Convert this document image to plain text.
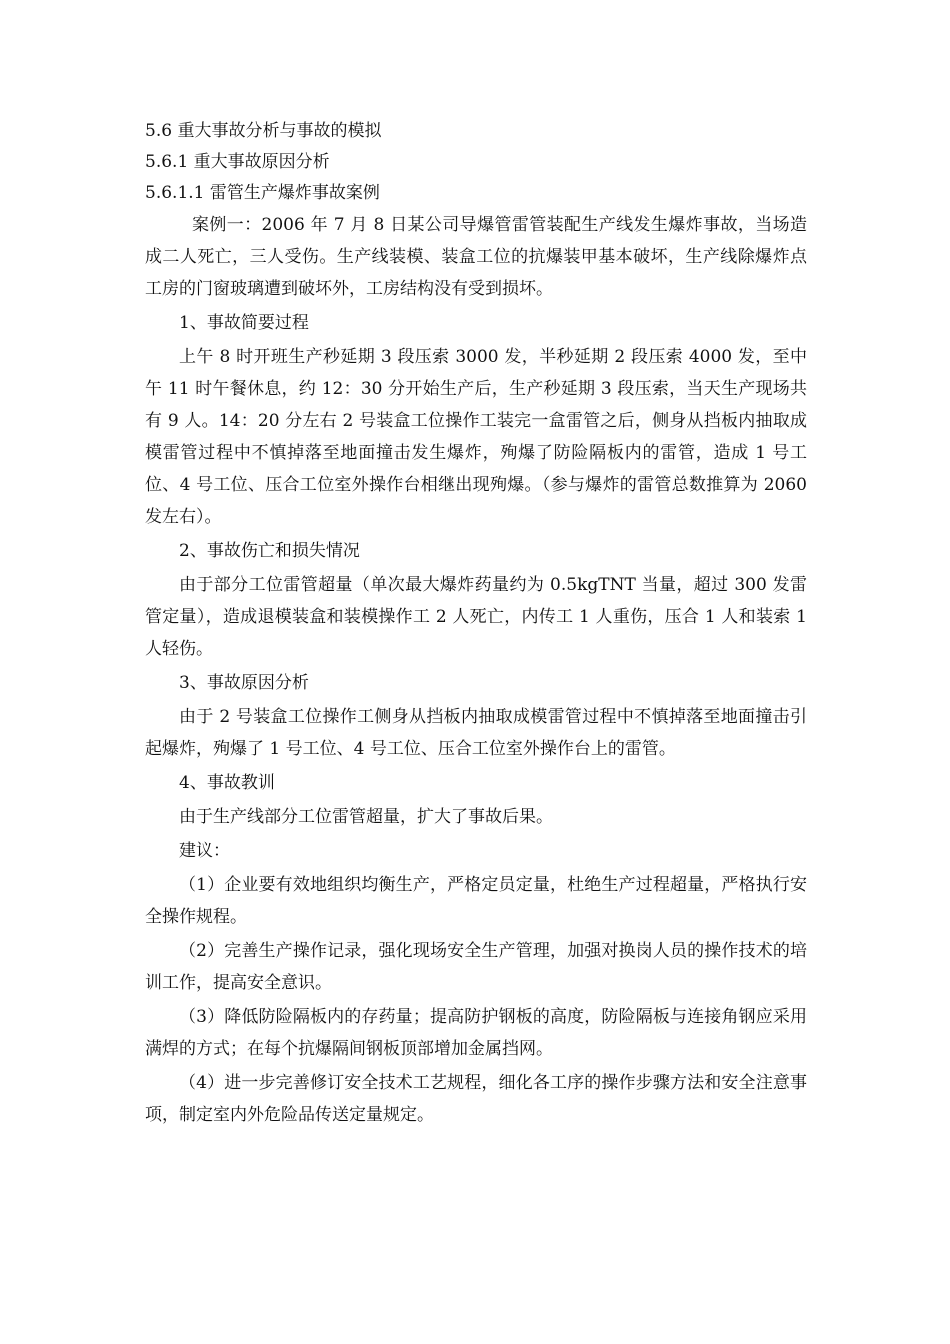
5.6 重大事故分析与事故的模拟
5.6.1 重大事故原因分析
5.6.1.1 雷管生产爆炸事故案例

案例一：2006 年 7 月 8 日某公司导爆管雷管装配生产线发生爆炸事故，当场造成二人死亡，三人受伤。生产线装模、装盒工位的抗爆装甲基本破坏，生产线除爆炸点工房的门窗玻璃遭到破坏外，工房结构没有受到损坏。

1、事故简要过程

上午 8 时开班生产秒延期 3 段压索 3000 发，半秒延期 2 段压索 4000 发，至中午 11 时午餐休息，约 12：30 分开始生产后，生产秒延期 3 段压索，当天生产现场共有 9 人。14：20 分左右 2 号装盒工位操作工装完一盒雷管之后，侧身从挡板内抽取成模雷管过程中不慎掉落至地面撞击发生爆炸，殉爆了防险隔板内的雷管，造成 1 号工位、4 号工位、压合工位室外操作台相继出现殉爆。（参与爆炸的雷管总数推算为 2060 发左右）。

2、事故伤亡和损失情况

由于部分工位雷管超量（单次最大爆炸药量约为 0.5kgTNT 当量，超过 300 发雷管定量），造成退模装盒和装模操作工 2 人死亡，内传工 1 人重伤，压合 1 人和装索 1 人轻伤。

3、事故原因分析

由于 2 号装盒工位操作工侧身从挡板内抽取成模雷管过程中不慎掉落至地面撞击引起爆炸，殉爆了 1 号工位、4 号工位、压合工位室外操作台上的雷管。

4、事故教训

由于生产线部分工位雷管超量，扩大了事故后果。

建议：

（1）企业要有效地组织均衡生产，严格定员定量，杜绝生产过程超量，严格执行安全操作规程。

（2）完善生产操作记录，强化现场安全生产管理，加强对换岗人员的操作技术的培训工作，提高安全意识。

（3）降低防险隔板内的存药量；提高防护钢板的高度，防险隔板与连接角钢应采用满焊的方式；在每个抗爆隔间钢板顶部增加金属挡网。

（4）进一步完善修订安全技术工艺规程，细化各工序的操作步骤方法和安全注意事项，制定室内外危险品传送定量规定。
